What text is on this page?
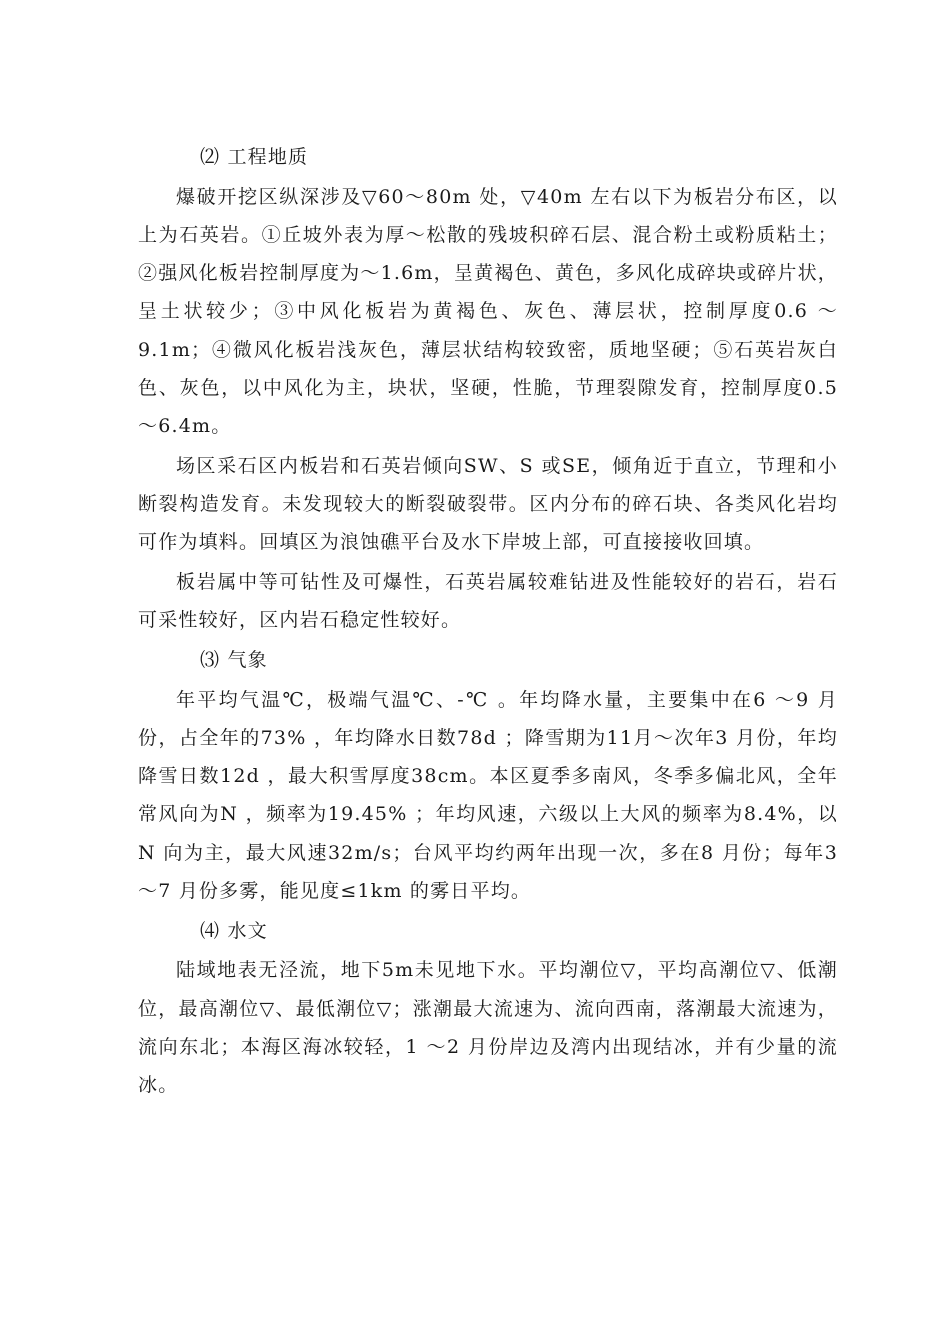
⑵ 工程地质

爆破开挖区纵深涉及▽60～80m 处，▽40m 左右以下为板岩分布区，以上为石英岩。①丘坡外表为厚～松散的残坡积碎石层、混合粉土或粉质粘土；②强风化板岩控制厚度为～1.6m，呈黄褐色、黄色，多风化成碎块或碎片状，呈土状较少；③中风化板岩为黄褐色、灰色、薄层状，控制厚度0.6 ～9.1m；④微风化板岩浅灰色，薄层状结构较致密，质地坚硬；⑤石英岩灰白色、灰色，以中风化为主，块状，坚硬，性脆，节理裂隙发育，控制厚度0.5 ～6.4m。

场区采石区内板岩和石英岩倾向SW、S 或SE，倾角近于直立，节理和小断裂构造发育。未发现较大的断裂破裂带。区内分布的碎石块、各类风化岩均可作为填料。回填区为浪蚀礁平台及水下岸坡上部，可直接接收回填。

板岩属中等可钻性及可爆性，石英岩属较难钻进及性能较好的岩石，岩石可采性较好，区内岩石稳定性较好。

⑶ 气象

年平均气温℃，极端气温℃、-℃ 。年均降水量，主要集中在6 ～9 月份，占全年的73% ，年均降水日数78d ；降雪期为11月～次年3 月份，年均降雪日数12d ，最大积雪厚度38cm。本区夏季多南风，冬季多偏北风，全年常风向为N ，频率为19.45% ；年均风速，六级以上大风的频率为8.4%，以N 向为主，最大风速32m/s；台风平均约两年出现一次，多在8 月份；每年3 ～7 月份多雾，能见度≤1km 的雾日平均。

⑷ 水文

陆域地表无泾流，地下5m未见地下水。平均潮位▽，平均高潮位▽、低潮位，最高潮位▽、最低潮位▽；涨潮最大流速为、流向西南，落潮最大流速为，流向东北；本海区海冰较轻，1 ～2 月份岸边及湾内出现结冰，并有少量的流冰。
